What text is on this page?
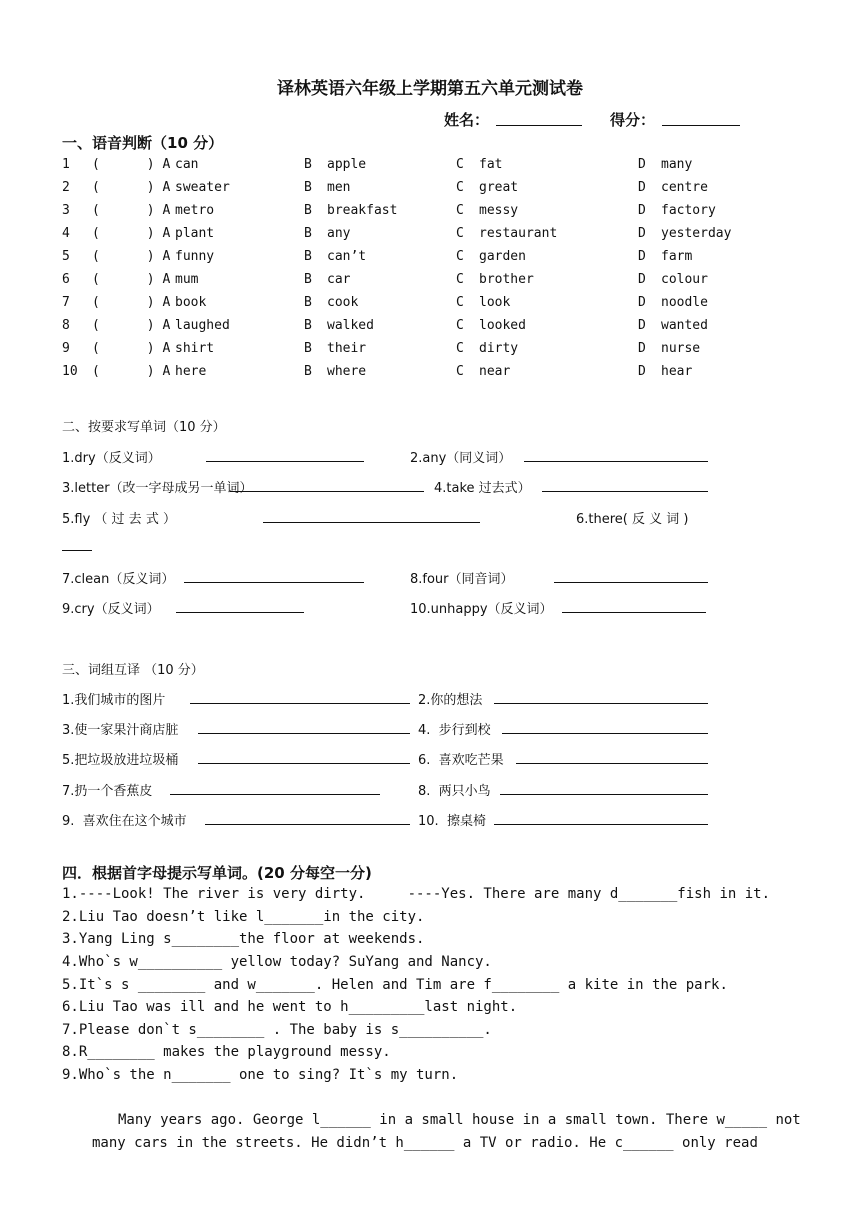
译林英语六年级上学期第五六单元测试卷
姓名：	得分：
一、语音判断（10 分）
1 (      ) A can	B apple	C fat	D many
2 (      ) A sweater	B men	C great	D centre
3 (      ) A metro	B breakfast	C messy	D factory
4 (      ) A plant	B any	C restaurant	D yesterday
5 (      ) A funny	B can’t	C garden	D farm
6 (      ) A mum	B car	C brother	D colour
7 (      ) A book	B cook	C look	D noodle
8 (      ) A laughed	B walked	C looked	D wanted
9 (      ) A shirt	B their	C dirty	D nurse
10 (      ) A here	B where	C near	D hear
二、按要求写单词（10 分）
1.dry（反义词）	2.any（同义词）
3.letter（改一字母成另一单词）	4.take 过去式）
5.fly （ 过 去 式 ）	6.there( 反 义 词 )
7.clean（反义词）	8.four（同音词）
9.cry（反义词）	10.unhappy（反义词）
三、词组互译 （10 分）
1.我们城市的图片	2.你的想法
3.使一家果汁商店脏	4.  步行到校
5.把垃圾放进垃圾桶	6.  喜欢吃芒果
7.扔一个香蕉皮	8.  两只小鸟
9.  喜欢住在这个城市	10.  擦桌椅
四．根据首字母提示写单词。(20 分每空一分)
1.----Look! The river is very dirty.     ----Yes. There are many d_______fish in it.
2.Liu Tao doesn’t like l_______in the city.
3.Yang Ling s________the floor at weekends.
4.Who`s w__________ yellow today? SuYang and Nancy.
5.It`s s ________ and w_______. Helen and Tim are f________ a kite in the park.
6.Liu Tao was ill and he went to h_________last night.
7.Please don`t s________ . The baby is s__________.
8.R________ makes the playground messy.
9.Who`s the n_______ one to sing? It`s my turn.
Many years ago. George l______ in a small house in a small town. There w_____ not
many cars in the streets. He didn’t h______ a TV or radio. He c______ only read
